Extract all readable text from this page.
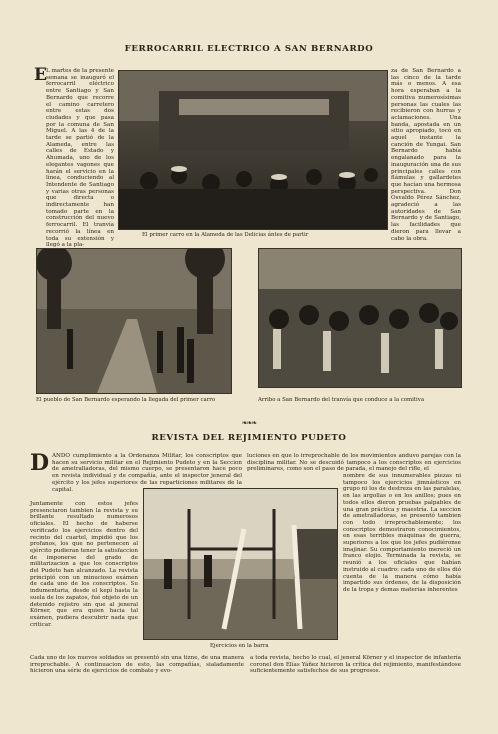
FERROCARRIL ELECTRICO A SAN BERNARDO
E L martes de la presente semana se inauguró el ferrocarril eléctrico entre Santiago y San Bernardo que recorre el camino carretero entre estas dos ciudades y que pasa por la comuna de San Miguel. A las 4 de la tarde se partió de la Alameda, entre las calles de Estado y Ahumada, uno de los elegantes vagones que harán el servicio en la línea, conduciendo al Intendente de Santiago y varias otras personas que directa o indirectamente han tomado parte en la construcción del nuevo ferrocarril. El tranvía recorrió la línea en toda su extensión y llegó a la pla-

El primer carro en la Alameda de las Delicias ántes de partir

za de San Bernardo a las cinco de la tarde más o menos. A esa hora esperaban a la comitiva numerosísimas personas las cuales las recibieron con hurras y aclamaciones. Una banda, apostada en un sitio apropiado, tocó en aquel instante la canción de Yungai. San Bernardo había engalanado para la inauguración una de sus principales calles con flámulas y gallardetes que hacían una hermosa perspectiva. Don Osvaldo Pérez Sánchez, agradeció a las autoridades de San Bernardo y de Santiago, las facilidades que dieron para llevar a cabo la obra.

El pueblo de San Bernardo esperando la llegada del primer carro	Arribo a San Bernardo del tranvía que conduce a la comitiva

❧❧❧
REVISTA DEL REJIMIENTO PUDETO
D ANDO cumplimiento a la Ordenanza Militar, los conscriptos que hacen su servicio militar en el Rejimiento Pudeto y en la Seccion de ametralladoras, del mismo cuerpo, se presentaron hace poco en revista individual y de compañía, ante el inspector jeneral del ejército y los jefes superiores de las reparticiones militares de la capital.

Juntamente con estos jefes presenciaron tambien la revista y su brillante resultado numerosos oficiales. El hecho de haberse verificado los ejercicios dentro del recinto del cuartel, impidió que los profanos, los que no pertenecen al ejército pudieran tener la satisfaccion de imponerse del grado de militarizacion a que los conscriptos del Pudeto han alcanzado. La revista principió con un minucioso exámen de cada uno de los conscriptos. Su indumentaria, desde el kepí hasta la suela de los zapatos, fué objeto de un detenido rejistro sin que al jeneral Körner, que era quien hacia tal exámen, pudiera descubrir nada que criticar.

luciones en que lo irreprochable de los movimientos anduvo parejas con la disciplina militar. No se descuidó tampoco a los conscriptos en ejercicios preliminares, como son el paso de parada, el manejo del rifle, el

nombre de sus innumerables piezas ni tampoco los ejercicios jimnásticos en grupo ni los de destreza en las paralelas, en las argollas o en los anillos; pues en todos ellos dieron pruebas palpables de una gran práctica y maestría. La seccion de ametralladoras, se presentó tambien con todo irreprochablemente; los conscriptos demostraron conocimientos, en esas terribles máquinas de guerra, superiores a los que los jefes pudiéronse imajinar. Su comportamiento mereció un franco elojio. Terminada la revista, se reunió a los oficiales que habían instruido al cuadro: cada uno de ellos dió cuenta de la manera cómo había impartido sus órdenes, de la disposición de la tropa y demas materias inherentes

Ejercicios en la barra

Cada uno de los nuevos soldados se presentó sin una tizne, de una manera irreprochable. A continuacion de esto, las compañías, sialadamente hicieron una série de ejercicios de combate y evo-

a toda revista, hecho lo cual, el jeneral Körner y el inspector de infantería coronel don Elías Yáñez hicieron la crítica del rejimiento, manifestándose suficientemente satisfechos de sus progresos.
